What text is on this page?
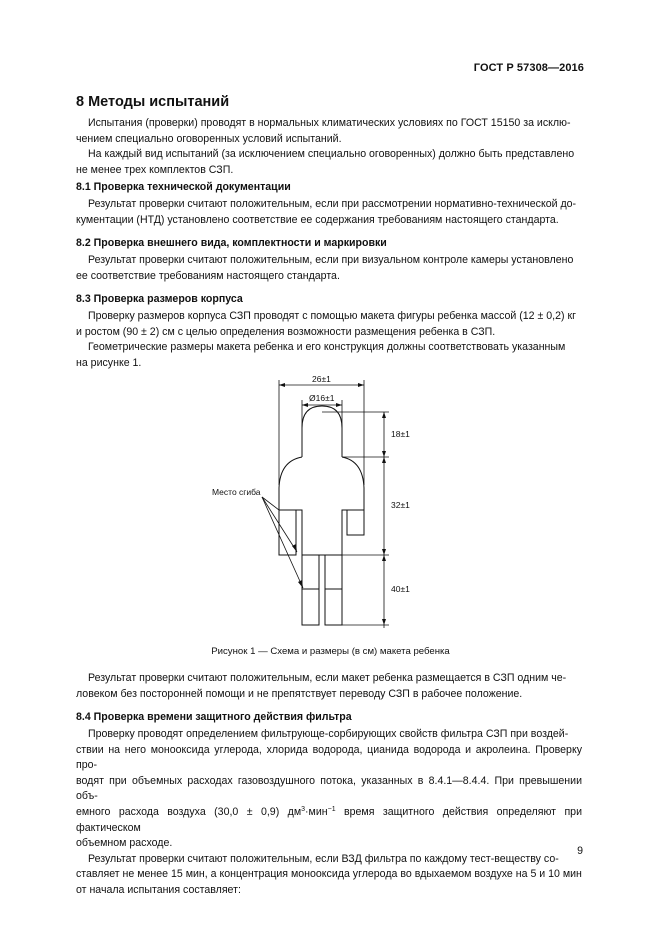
ГОСТ Р 57308—2016
8 Методы испытаний
Испытания (проверки) проводят в нормальных климатических условиях по ГОСТ 15150 за исклю-
чением специально оговоренных условий испытаний.
На каждый вид испытаний (за исключением специально оговоренных) должно быть представлено
не менее трех комплектов СЗП.
8.1 Проверка технической документации
Результат проверки считают положительным, если при рассмотрении нормативно-технической до-
кументации (НТД) установлено соответствие ее содержания требованиям настоящего стандарта.
8.2 Проверка внешнего вида, комплектности и маркировки
Результат проверки считают положительным, если при визуальном контроле камеры установлено
ее соответствие требованиям настоящего стандарта.
8.3 Проверка размеров корпуса
Проверку размеров корпуса СЗП проводят с помощью макета фигуры ребенка массой (12 ± 0,2) кг
и ростом (90 ± 2) см с целью определения возможности размещения ребенка в СЗП.
Геометрические размеры макета ребенка и его конструкция должны соответствовать указанным
на рисунке 1.
26±1
Ø16±1
18±1
32±1
40±1
Место сгиба
Рисунок 1 — Схема и размеры (в см) макета ребенка
Результат проверки считают положительным, если макет ребенка размещается в СЗП одним че-
ловеком без посторонней помощи и не препятствует переводу СЗП в рабочее положение.
8.4 Проверка времени защитного действия фильтра
Проверку проводят определением фильтрующе-сорбирующих свойств фильтра СЗП при воздей-
ствии на него монооксида углерода, хлорида водорода, цианида водорода и акролеина. Проверку про-
водят при объемных расходах газовоздушного потока, указанных в 8.4.1—8.4.4. При превышении объ-
емного расхода воздуха (30,0 ± 0,9) $дм^3\cdot мин^{-1}$ время защитного действия определяют при фактическом
объемном расходе.
Результат проверки считают положительным, если ВЗД фильтра по каждому тест-веществу со-
ставляет не менее 15 мин, а концентрация монооксида углерода во вдыхаемом воздухе на 5 и 10 мин
от начала испытания составляет:
9
